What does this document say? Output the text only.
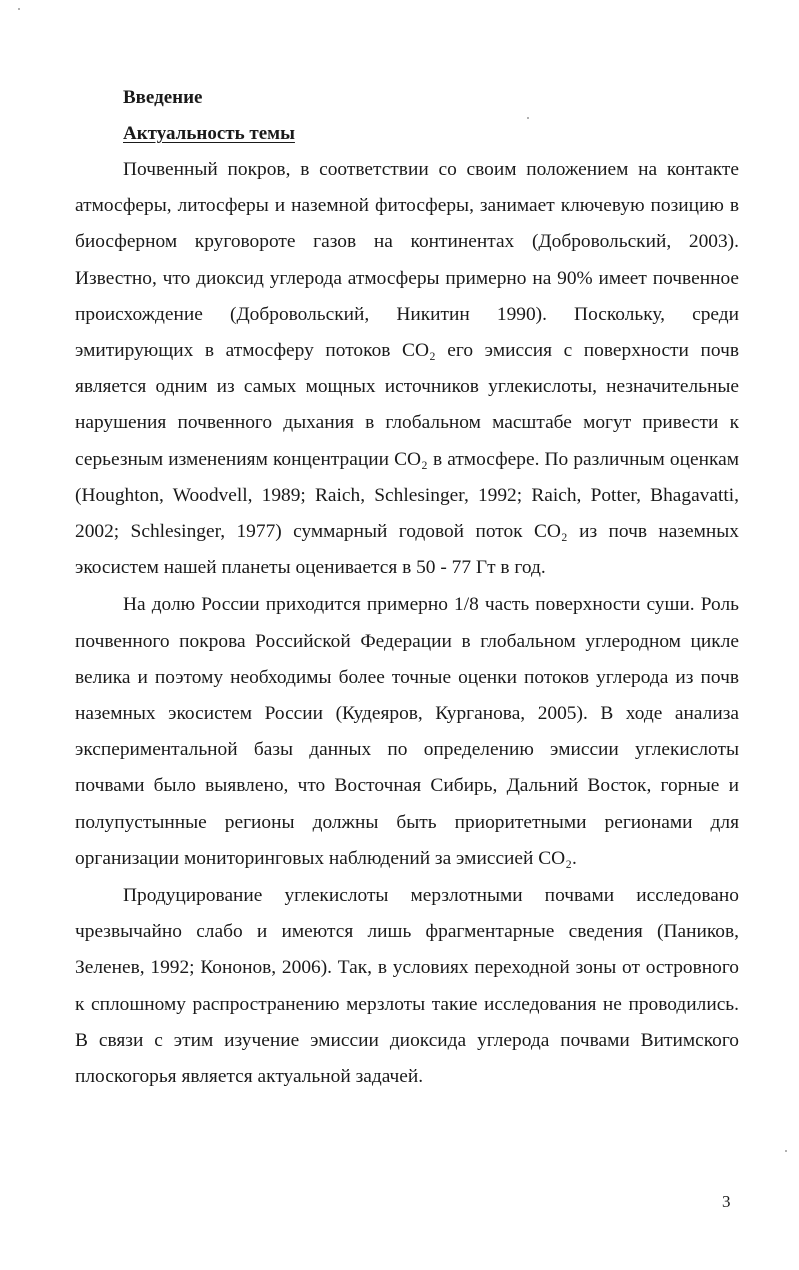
Введение
Актуальность темы

Почвенный покров, в соответствии со своим положением на контакте атмосферы, литосферы и наземной фитосферы, занимает ключевую позицию в биосферном круговороте газов на континентах (Добровольский, 2003). Известно, что диоксид углерода атмосферы примерно на 90% имеет почвенное происхождение (Добровольский, Никитин 1990). Поскольку, среди эмитирующих в атмосферу потоков CO₂ его эмиссия с поверхности почв является одним из самых мощных источников углекислоты, незначительные нарушения почвенного дыхания в глобальном масштабе могут привести к серьезным изменениям концентрации CO₂ в атмосфере. По различным оценкам (Houghton, Woodvell, 1989; Raich, Schlesinger, 1992; Raich, Potter, Bhagavatti, 2002; Schlesinger, 1977) суммарный годовой поток CO₂ из почв наземных экосистем нашей планеты оценивается в 50 - 77 Гт в год.

На долю России приходится примерно 1/8 часть поверхности суши. Роль почвенного покрова Российской Федерации в глобальном углеродном цикле велика и поэтому необходимы более точные оценки потоков углерода из почв наземных экосистем России (Кудеяров, Курганова, 2005). В ходе анализа экспериментальной базы данных по определению эмиссии углекислоты почвами было выявлено, что Восточная Сибирь, Дальний Восток, горные и полупустынные регионы должны быть приоритетными регионами для организации мониторинговых наблюдений за эмиссией CO₂.

Продуцирование углекислоты мерзлотными почвами исследовано чрезвычайно слабо и имеются лишь фрагментарные сведения (Паников, Зеленев, 1992; Кононов, 2006). Так, в условиях переходной зоны от островного к сплошному распространению мерзлоты такие исследования не проводились. В связи с этим изучение эмиссии диоксида углерода почвами Витимского плоскогорья является актуальной задачей.

3
